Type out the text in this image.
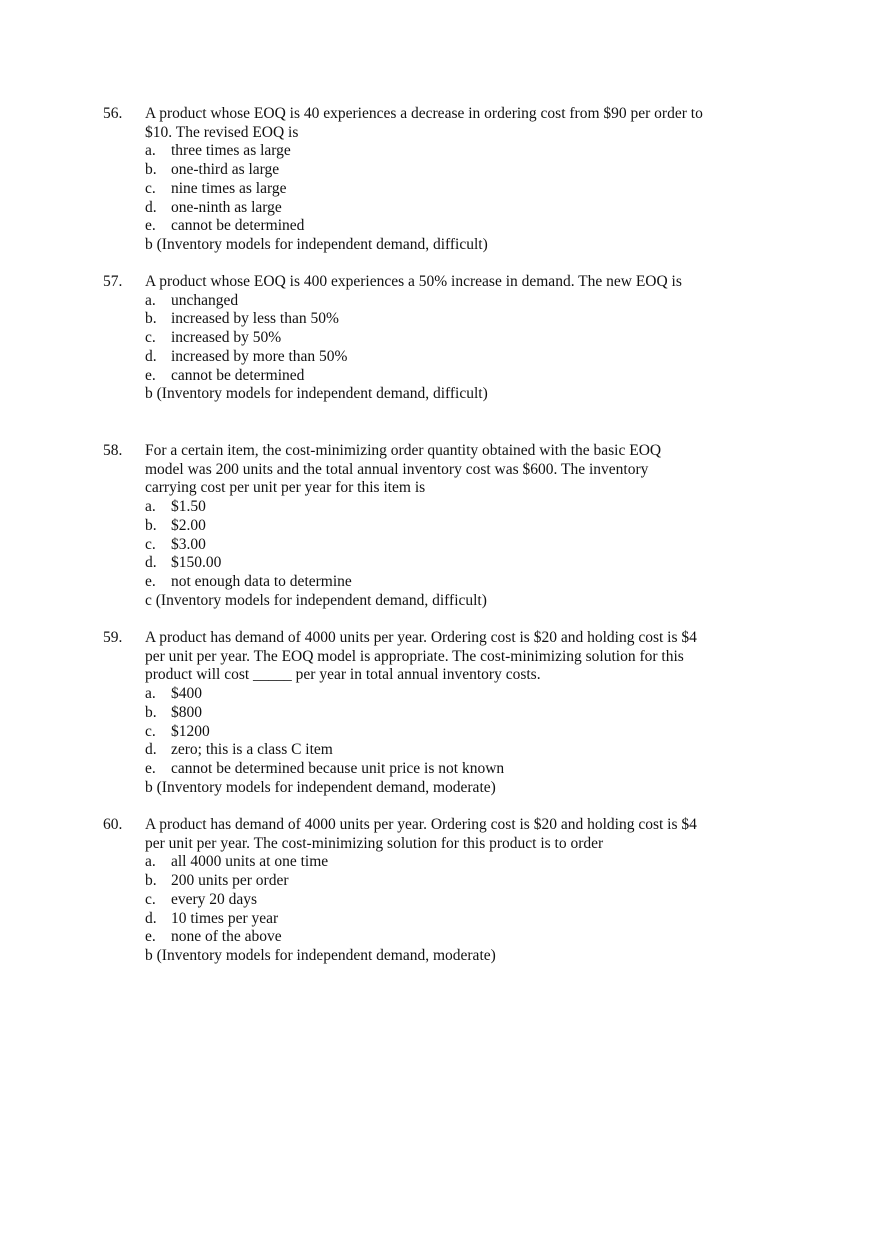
56.	A product whose EOQ is 40 experiences a decrease in ordering cost from $90 per order to $10. The revised EOQ is
a. three times as large
b. one-third as large
c. nine times as large
d. one-ninth as large
e. cannot be determined
b (Inventory models for independent demand, difficult)
57.	A product whose EOQ is 400 experiences a 50% increase in demand. The new EOQ is
a. unchanged
b. increased by less than 50%
c. increased by 50%
d. increased by more than 50%
e. cannot be determined
b (Inventory models for independent demand, difficult)
58.	For a certain item, the cost-minimizing order quantity obtained with the basic EOQ model was 200 units and the total annual inventory cost was $600. The inventory carrying cost per unit per year for this item is
a. $1.50
b. $2.00
c. $3.00
d. $150.00
e. not enough data to determine
c (Inventory models for independent demand, difficult)
59.	A product has demand of 4000 units per year. Ordering cost is $20 and holding cost is $4 per unit per year. The EOQ model is appropriate. The cost-minimizing solution for this product will cost _____ per year in total annual inventory costs.
a. $400
b. $800
c. $1200
d. zero; this is a class C item
e. cannot be determined because unit price is not known
b (Inventory models for independent demand, moderate)
60.	A product has demand of 4000 units per year. Ordering cost is $20 and holding cost is $4 per unit per year. The cost-minimizing solution for this product is to order
a. all 4000 units at one time
b. 200 units per order
c. every 20 days
d. 10 times per year
e. none of the above
b (Inventory models for independent demand, moderate)
